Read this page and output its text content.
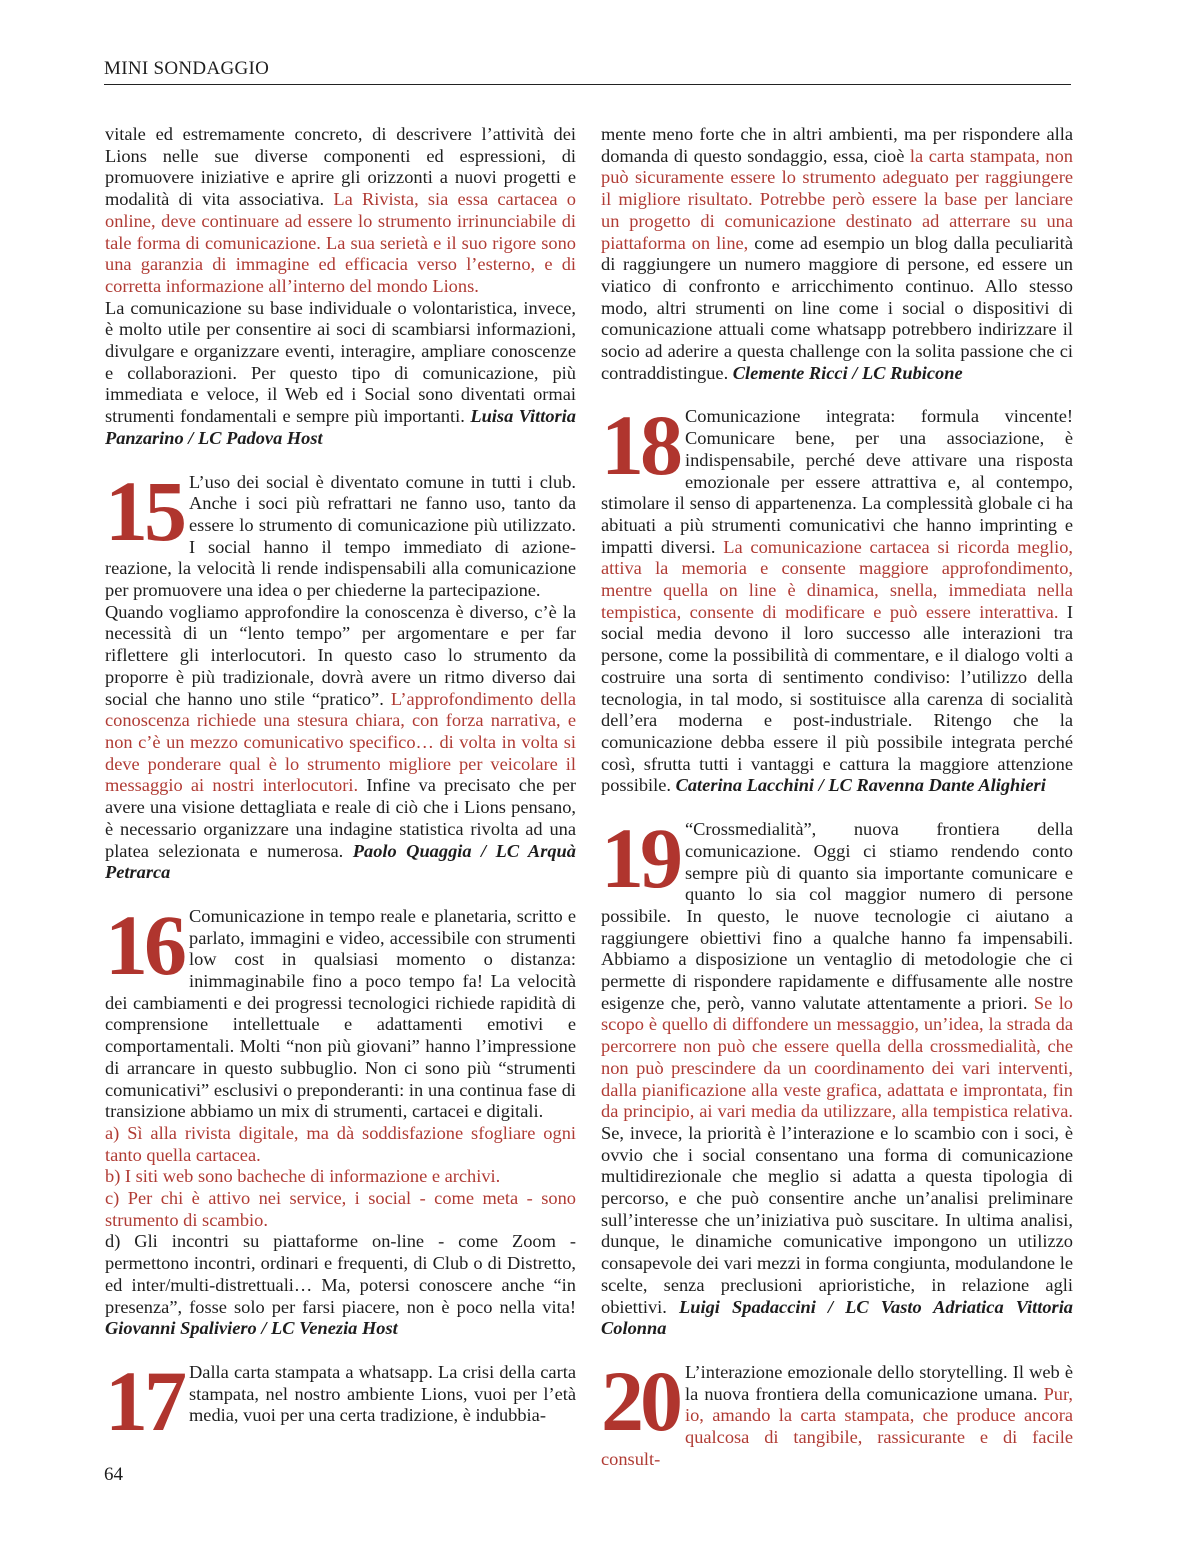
MINI SONDAGGIO

vitale ed estremamente concreto, di descrivere l’attività dei Lions nelle sue diverse componenti ed espressioni, di promuovere iniziative e aprire gli orizzonti a nuovi progetti e modalità di vita associativa. La Rivista, sia essa cartacea o online, deve continuare ad essere lo strumento irrinunciabile di tale forma di comunicazione. La sua serietà e il suo rigore sono una garanzia di immagine ed efficacia verso l’esterno, e di corretta informazione all’interno del mondo Lions.

La comunicazione su base individuale o volontaristica, invece, è molto utile per consentire ai soci di scambiarsi informazioni, divulgare e organizzare eventi, interagire, ampliare conoscenze e collaborazioni. Per questo tipo di comunicazione, più immediata e veloce, il Web ed i Social sono diventati ormai strumenti fondamentali e sempre più importanti. Luisa Vittoria Panzarino / LC Padova Host

15 L’uso dei social è diventato comune in tutti i club. Anche i soci più refrattari ne fanno uso, tanto da essere lo strumento di comunicazione più utilizzato. I social hanno il tempo immediato di azione-reazione, la velocità li rende indispensabili alla comunicazione per promuovere una idea o per chiederne la partecipazione.

Quando vogliamo approfondire la conoscenza è diverso, c’è la necessità di un “lento tempo” per argomentare e per far riflettere gli interlocutori. In questo caso lo strumento da proporre è più tradizionale, dovrà avere un ritmo diverso dai social che hanno uno stile “pratico”. L’approfondimento della conoscenza richiede una stesura chiara, con forza narrativa, e non c’è un mezzo comunicativo specifico… di volta in volta si deve ponderare qual è lo strumento migliore per veicolare il messaggio ai nostri interlocutori. Infine va precisato che per avere una visione dettagliata e reale di ciò che i Lions pensano, è necessario organizzare una indagine statistica rivolta ad una platea selezionata e numerosa. Paolo Quaggia / LC Arquà Petrarca

16 Comunicazione in tempo reale e planetaria, scritto e parlato, immagini e video, accessibile con strumenti low cost in qualsiasi momento o distanza: inimmaginabile fino a poco tempo fa! La velocità dei cambiamenti e dei progressi tecnologici richiede rapidità di comprensione intellettuale e adattamenti emotivi e comportamentali. Molti “non più giovani” hanno l’impressione di arrancare in questo subbuglio. Non ci sono più “strumenti comunicativi” esclusivi o preponderanti: in una continua fase di transizione abbiamo un mix di strumenti, cartacei e digitali.

a) Sì alla rivista digitale, ma dà soddisfazione sfogliare ogni tanto quella cartacea.

b) I siti web sono bacheche di informazione e archivi.

c) Per chi è attivo nei service, i social - come meta - sono strumento di scambio.

d) Gli incontri su piattaforme on-line - come Zoom - permettono incontri, ordinari e frequenti, di Club o di Distretto, ed inter/multi-distrettuali… Ma, potersi conoscere anche “in presenza”, fosse solo per farsi piacere, non è poco nella vita! Giovanni Spaliviero / LC Venezia Host

17 Dalla carta stampata a whatsapp. La crisi della carta stampata, nel nostro ambiente Lions, vuoi per l’età media, vuoi per una certa tradizione, è indubbia-

mente meno forte che in altri ambienti, ma per rispondere alla domanda di questo sondaggio, essa, cioè la carta stampata, non può sicuramente essere lo strumento adeguato per raggiungere il migliore risultato. Potrebbe però essere la base per lanciare un progetto di comunicazione destinato ad atterrare su una piattaforma on line, come ad esempio un blog dalla peculiarità di raggiungere un numero maggiore di persone, ed essere un viatico di confronto e arricchimento continuo. Allo stesso modo, altri strumenti on line come i social o dispositivi di comunicazione attuali come whatsapp potrebbero indirizzare il socio ad aderire a questa challenge con la solita passione che ci contraddistingue. Clemente Ricci / LC Rubicone

18 Comunicazione integrata: formula vincente! Comunicare bene, per una associazione, è indispensabile, perché deve attivare una risposta emozionale per essere attrattiva e, al contempo, stimolare il senso di appartenenza. La complessità globale ci ha abituati a più strumenti comunicativi che hanno imprinting e impatti diversi. La comunicazione cartacea si ricorda meglio, attiva la memoria e consente maggiore approfondimento, mentre quella on line è dinamica, snella, immediata nella tempistica, consente di modificare e può essere interattiva. I social media devono il loro successo alle interazioni tra persone, come la possibilità di commentare, e il dialogo volti a costruire una sorta di sentimento condiviso: l’utilizzo della tecnologia, in tal modo, si sostituisce alla carenza di socialità dell’era moderna e post-industriale. Ritengo che la comunicazione debba essere il più possibile integrata perché così, sfrutta tutti i vantaggi e cattura la maggiore attenzione possibile. Caterina Lacchini / LC Ravenna Dante Alighieri

19 “Crossmedialità”, nuova frontiera della comunicazione. Oggi ci stiamo rendendo conto sempre più di quanto sia importante comunicare e quanto lo sia col maggior numero di persone possibile. In questo, le nuove tecnologie ci aiutano a raggiungere obiettivi fino a qualche hanno fa impensabili. Abbiamo a disposizione un ventaglio di metodologie che ci permette di rispondere rapidamente e diffusamente alle nostre esigenze che, però, vanno valutate attentamente a priori. Se lo scopo è quello di diffondere un messaggio, un’idea, la strada da percorrere non può che essere quella della crossmedialità, che non può prescindere da un coordinamento dei vari interventi, dalla pianificazione alla veste grafica, adattata e improntata, fin da principio, ai vari media da utilizzare, alla tempistica relativa. Se, invece, la priorità è l’interazione e lo scambio con i soci, è ovvio che i social consentano una forma di comunicazione multidirezionale che meglio si adatta a questa tipologia di percorso, e che può consentire anche un’analisi preliminare sull’interesse che un’iniziativa può suscitare. In ultima analisi, dunque, le dinamiche comunicative impongono un utilizzo consapevole dei vari mezzi in forma congiunta, modulandone le scelte, senza preclusioni aprioristiche, in relazione agli obiettivi. Luigi Spadaccini / LC Vasto Adriatica Vittoria Colonna

20 L’interazione emozionale dello storytelling. Il web è la nuova frontiera della comunicazione umana. Pur, io, amando la carta stampata, che produce ancora qualcosa di tangibile, rassicurante e di facile consult-

64
